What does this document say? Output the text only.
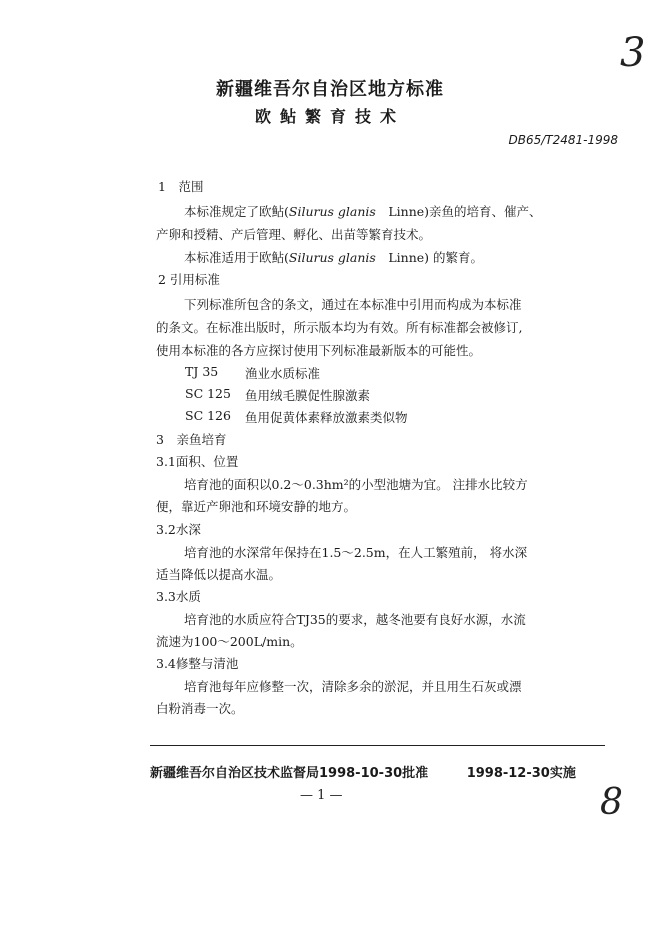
3
新疆维吾尔自治区地方标准
欧鲇繁育技术
DB65/T2481-1998
1　范围
本标准规定了欧鲇(Silurus glanis　Linne)亲鱼的培育、催产、
产卵和授精、产后管理、孵化、出苗等繁育技术。
本标准适用于欧鲇(Silurus glanis　Linne) 的繁育。
2 引用标准
下列标准所包含的条文，通过在本标准中引用而构成为本标准
的条文。在标准出版时，所示版本均为有效。所有标准都会被修订,
使用本标准的各方应探讨使用下列标准最新版本的可能性。
TJ 35 渔业水质标准
SC 125 鱼用绒毛膜促性腺激素
SC 126 鱼用促黄体素释放激素类似物
3　亲鱼培育
3.1面积、位置
培育池的面积以0.2～0.3hm²的小型池塘为宜。 注排水比较方
便，靠近产卵池和环境安静的地方。
3.2水深
培育池的水深常年保持在1.5～2.5m，在人工繁殖前， 将水深
适当降低以提高水温。
3.3水质
培育池的水质应符合TJ35的要求，越冬池要有良好水源，水流
流速为100～200L/min。
3.4修整与清池
培育池每年应修整一次，清除多余的淤泥，并且用生石灰或漂
白粉消毒一次。
新疆维吾尔自治区技术监督局1998-10-30批准	1998-12-30实施
— 1 —	8
